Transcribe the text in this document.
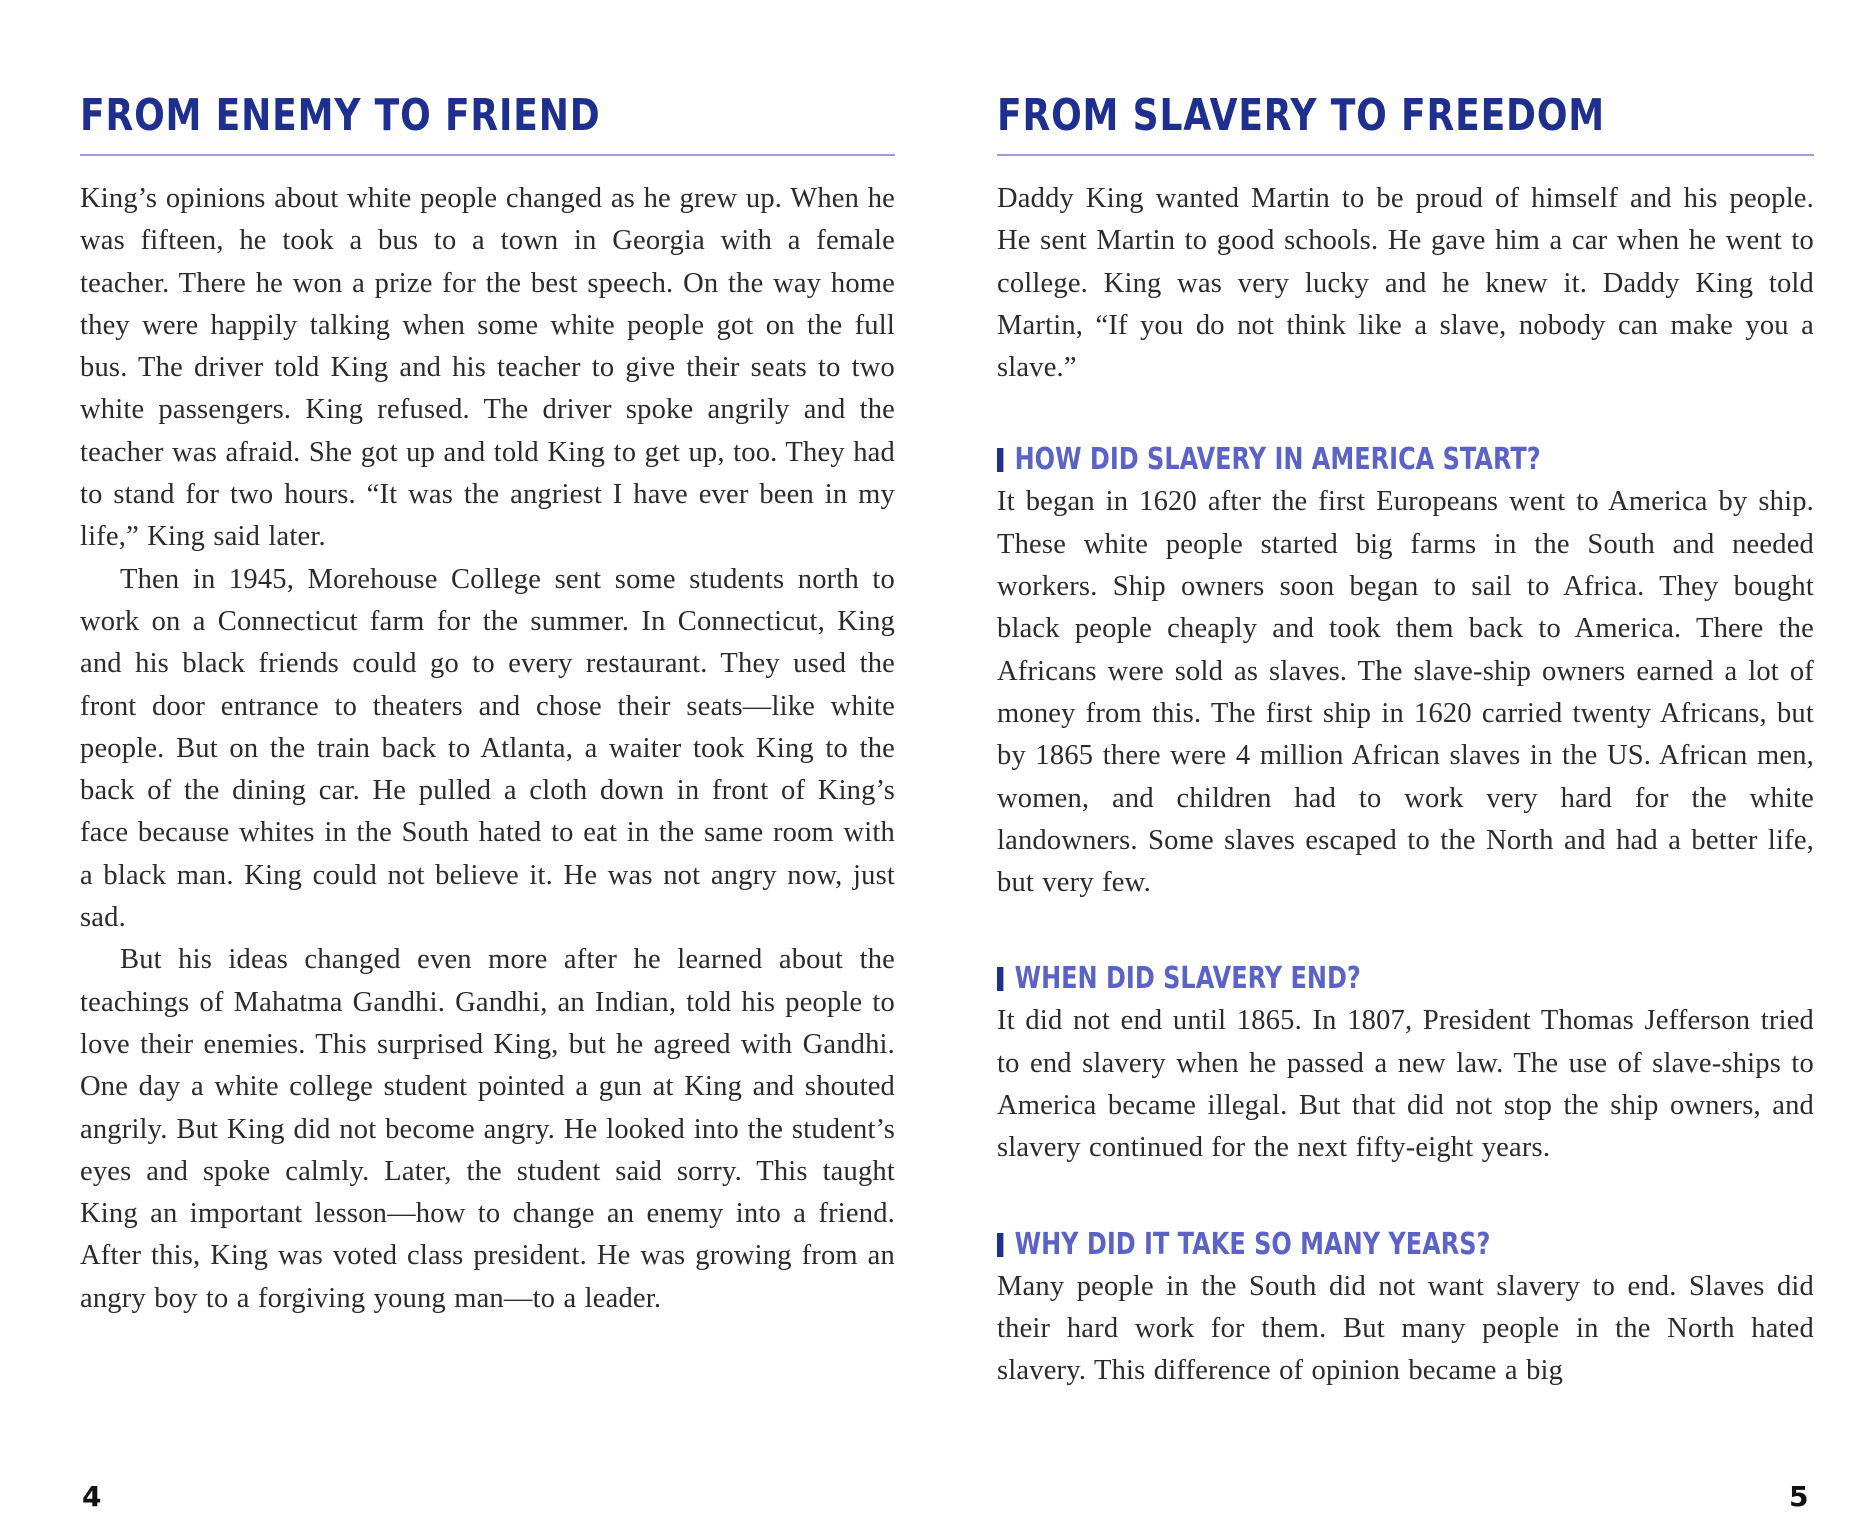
FROM ENEMY TO FRIEND

King’s opinions about white people changed as he grew up. When he was fifteen, he took a bus to a town in Georgia with a female teacher. There he won a prize for the best speech. On the way home they were happily talking when some white people got on the full bus. The driver told King and his teacher to give their seats to two white passengers. King refused. The driver spoke angrily and the teacher was afraid. She got up and told King to get up, too. They had to stand for two hours. “It was the angriest I have ever been in my life,” King said later.

Then in 1945, Morehouse College sent some students north to work on a Connecticut farm for the summer. In Connecticut, King and his black friends could go to every restaurant. They used the front door entrance to theaters and chose their seats—like white people. But on the train back to Atlanta, a waiter took King to the back of the dining car. He pulled a cloth down in front of King’s face because whites in the South hated to eat in the same room with a black man. King could not believe it. He was not angry now, just sad.

But his ideas changed even more after he learned about the teachings of Mahatma Gandhi. Gandhi, an Indian, told his people to love their enemies. This surprised King, but he agreed with Gandhi. One day a white college student pointed a gun at King and shouted angrily. But King did not become angry. He looked into the student’s eyes and spoke calmly. Later, the student said sorry. This taught King an important lesson—how to change an enemy into a friend. After this, King was voted class president. He was growing from an angry boy to a forgiving young man—to a leader.

4
FROM SLAVERY TO FREEDOM

Daddy King wanted Martin to be proud of himself and his people. He sent Martin to good schools. He gave him a car when he went to college. King was very lucky and he knew it. Daddy King told Martin, “If you do not think like a slave, nobody can make you a slave.”

HOW DID SLAVERY IN AMERICA START?

It began in 1620 after the first Europeans went to America by ship. These white people started big farms in the South and needed workers. Ship owners soon began to sail to Africa. They bought black people cheaply and took them back to America. There the Africans were sold as slaves. The slave-ship owners earned a lot of money from this. The first ship in 1620 carried twenty Africans, but by 1865 there were 4 million African slaves in the US. African men, women, and children had to work very hard for the white landowners. Some slaves escaped to the North and had a better life, but very few.

WHEN DID SLAVERY END?

It did not end until 1865. In 1807, President Thomas Jefferson tried to end slavery when he passed a new law. The use of slave-ships to America became illegal. But that did not stop the ship owners, and slavery continued for the next fifty-eight years.

WHY DID IT TAKE SO MANY YEARS?

Many people in the South did not want slavery to end. Slaves did their hard work for them. But many people in the North hated slavery. This difference of opinion became a big

5
